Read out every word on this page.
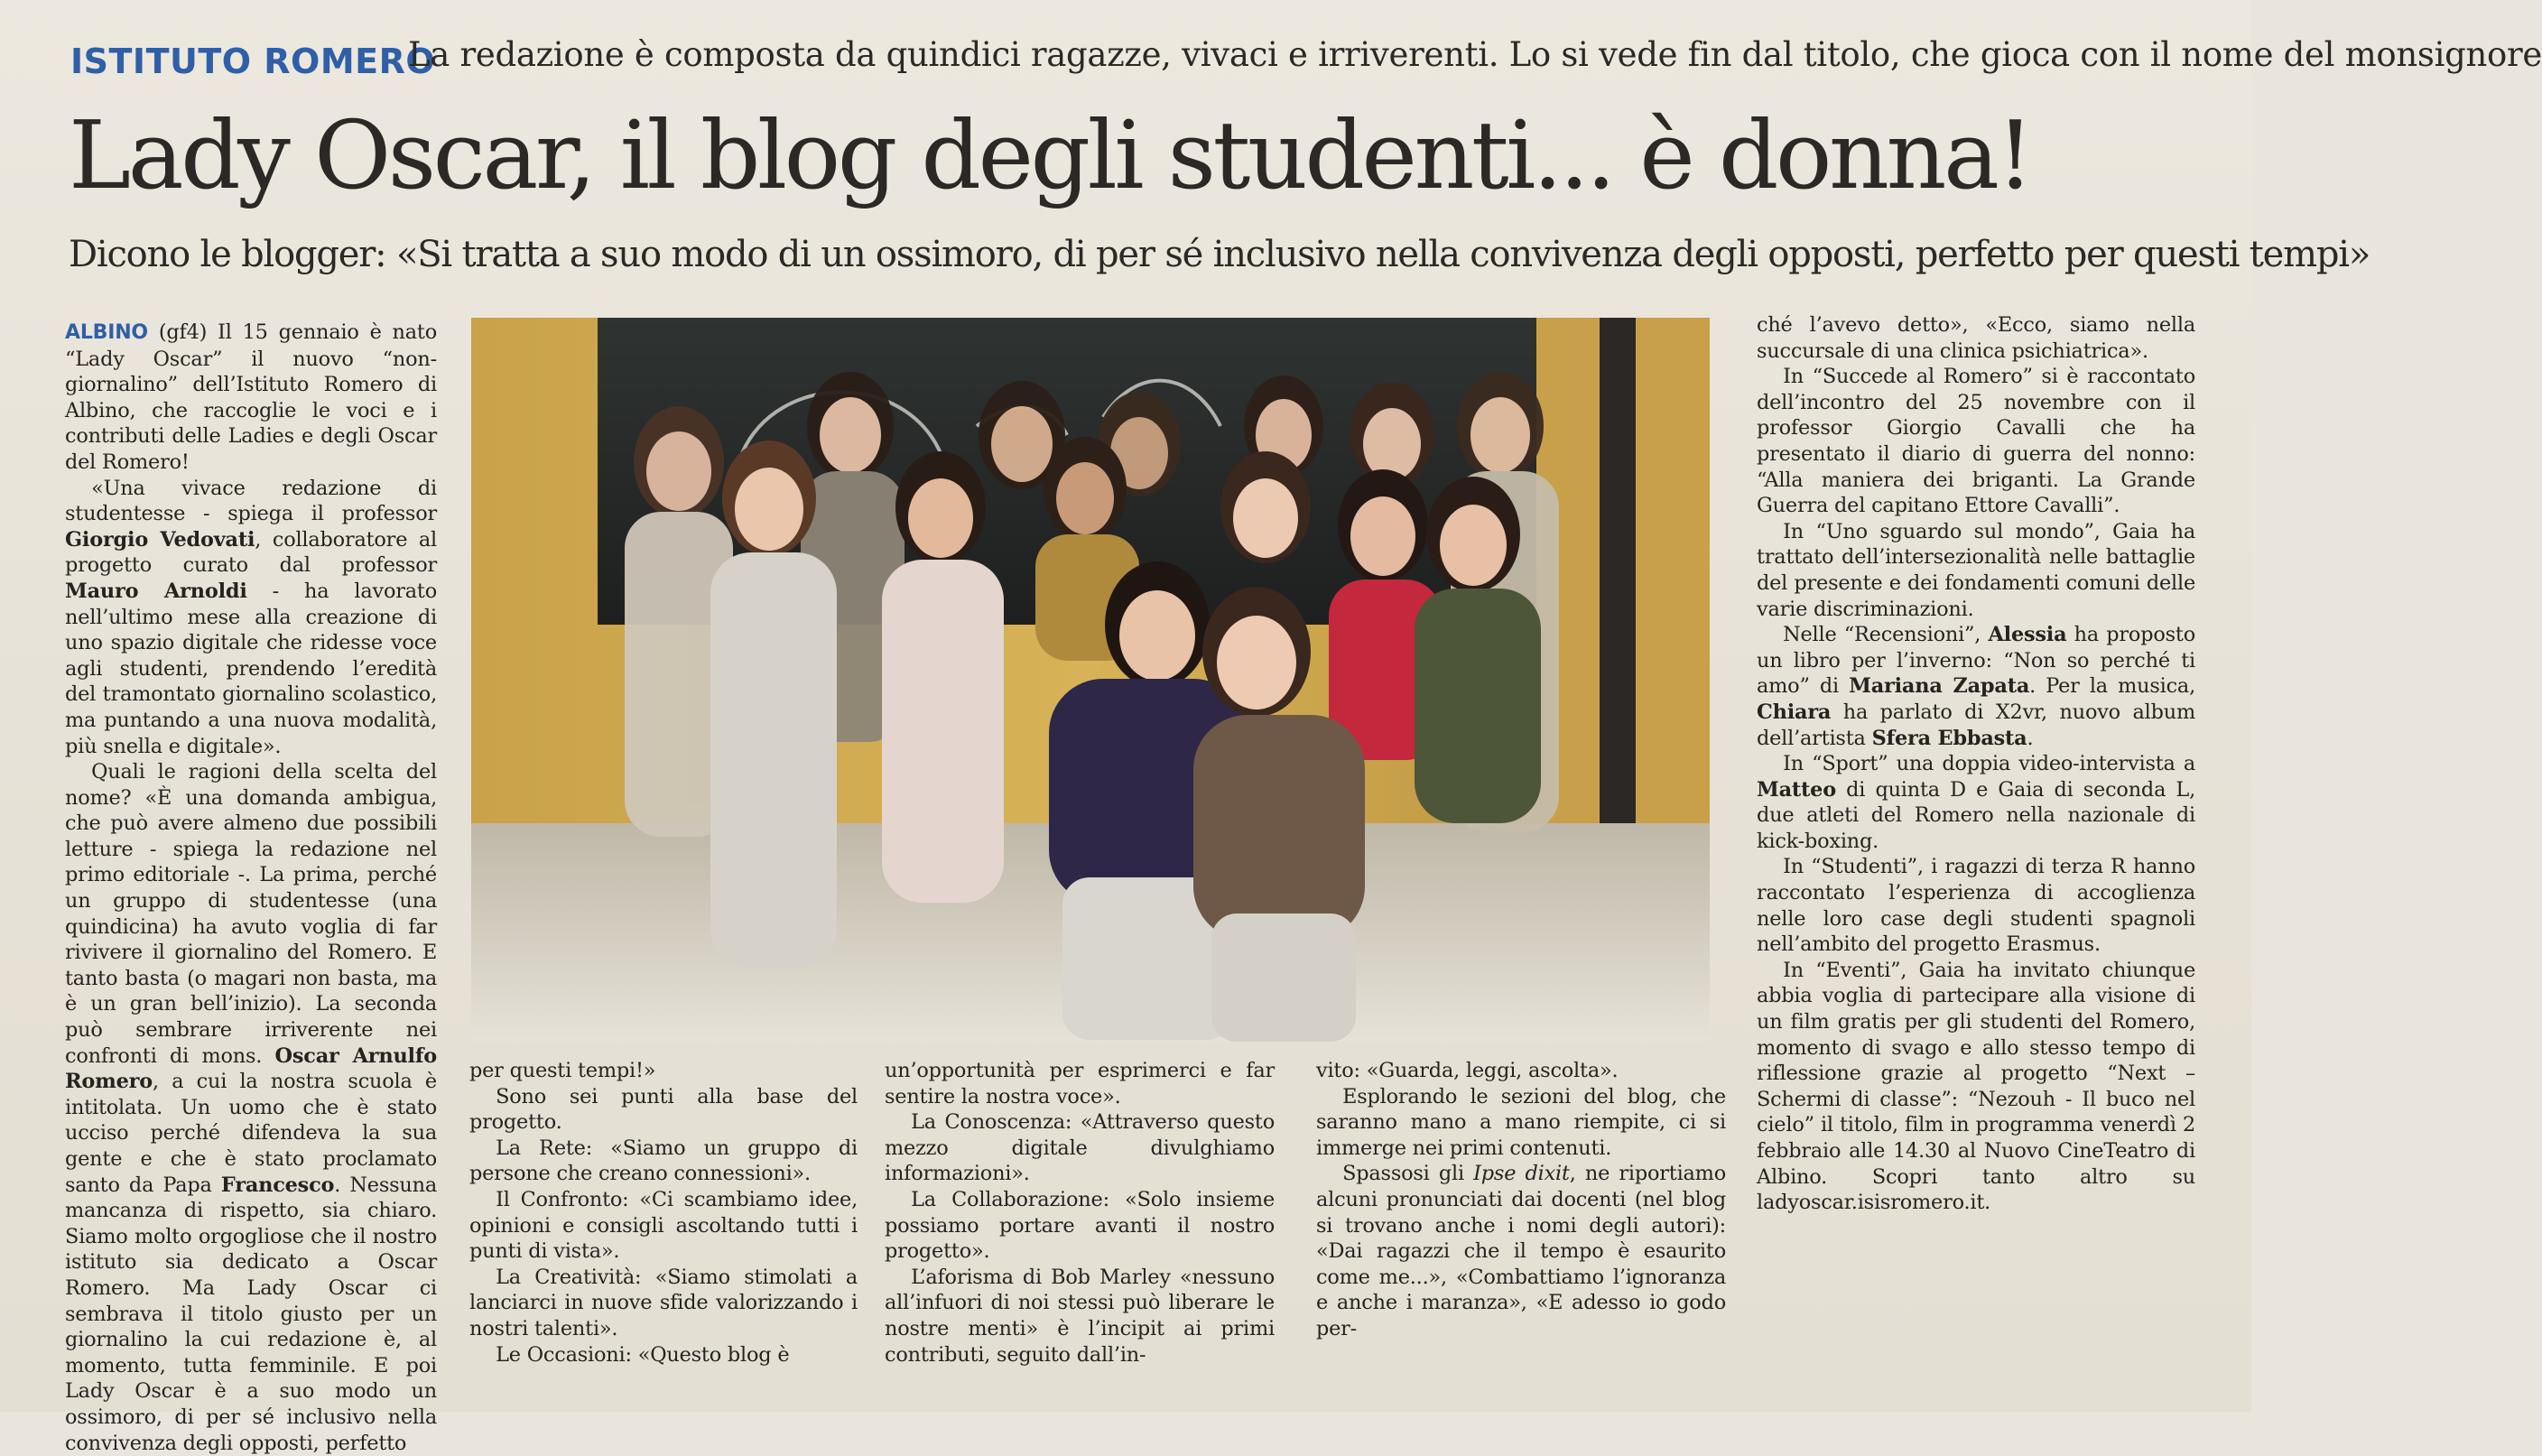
ISTITUTO ROMERO
La redazione è composta da quindici ragazze, vivaci e irriverenti. Lo si vede fin dal titolo, che gioca con il nome del monsignore
Lady Oscar, il blog degli studenti... è donna!
Dicono le blogger: «Si tratta a suo modo di un ossimoro, di per sé inclusivo nella convivenza degli opposti, perfetto per questi tempi»

ALBINO (gf4) Il 15 gennaio è nato “Lady Oscar” il nuovo “non-giornalino” dell’Istituto Romero di Albino, che raccoglie le voci e i contributi delle Ladies e degli Oscar del Romero!

«Una vivace redazione di studentesse - spiega il professor Giorgio Vedovati, collaboratore al progetto curato dal professor Mauro Arnoldi - ha lavorato nell’ultimo mese alla creazione di uno spazio digitale che ridesse voce agli studenti, prendendo l’eredità del tramontato giornalino scolastico, ma puntando a una nuova modalità, più snella e digitale».

Quali le ragioni della scelta del nome? «È una domanda ambigua, che può avere almeno due possibili letture - spiega la redazione nel primo editoriale -. La prima, perché un gruppo di studentesse (una quindicina) ha avuto voglia di far rivivere il giornalino del Romero. E tanto basta (o magari non basta, ma è un gran bell’inizio). La seconda può sembrare irriverente nei confronti di mons. Oscar Arnulfo Romero, a cui la nostra scuola è intitolata. Un uomo che è stato ucciso perché difendeva la sua gente e che è stato proclamato santo da Papa Francesco. Nessuna mancanza di rispetto, sia chiaro. Siamo molto orgogliose che il nostro istituto sia dedicato a Oscar Romero. Ma Lady Oscar ci sembrava il titolo giusto per un giornalino la cui redazione è, al momento, tutta femminile. E poi Lady Oscar è a suo modo un ossimoro, di per sé inclusivo nella convivenza degli opposti, perfetto

per questi tempi!»

Sono sei punti alla base del progetto.

La Rete: «Siamo un gruppo di persone che creano connessioni».

Il Confronto: «Ci scambiamo idee, opinioni e consigli ascoltando tutti i punti di vista».

La Creatività: «Siamo stimolati a lanciarci in nuove sfide valorizzando i nostri talenti».

Le Occasioni: «Questo blog è

un’opportunità per esprimerci e far sentire la nostra voce».

La Conoscenza: «Attraverso questo mezzo digitale divulghiamo informazioni».

La Collaborazione: «Solo insieme possiamo portare avanti il nostro progetto».

L’aforisma di Bob Marley «nessuno all’infuori di noi stessi può liberare le nostre menti» è l’incipit ai primi contributi, seguito dall’in-

vito: «Guarda, leggi, ascolta».

Esplorando le sezioni del blog, che saranno mano a mano riempite, ci si immerge nei primi contenuti.

Spassosi gli Ipse dixit, ne riportiamo alcuni pronunciati dai docenti (nel blog si trovano anche i nomi degli autori): «Dai ragazzi che il tempo è esaurito come me...», «Combattiamo l’ignoranza e anche i maranza», «E adesso io godo per-

ché l’avevo detto», «Ecco, siamo nella succursale di una clinica psichiatrica».

In “Succede al Romero” si è raccontato dell’incontro del 25 novembre con il professor Giorgio Cavalli che ha presentato il diario di guerra del nonno: “Alla maniera dei briganti. La Grande Guerra del capitano Ettore Cavalli”.

In “Uno sguardo sul mondo”, Gaia ha trattato dell’intersezionalità nelle battaglie del presente e dei fondamenti comuni delle varie discriminazioni.

Nelle “Recensioni”, Alessia ha proposto un libro per l’inverno: “Non so perché ti amo” di Mariana Zapata. Per la musica, Chiara ha parlato di X2vr, nuovo album dell’artista Sfera Ebbasta.

In “Sport” una doppia video-intervista a Matteo di quinta D e Gaia di seconda L, due atleti del Romero nella nazionale di kick-boxing.

In “Studenti”, i ragazzi di terza R hanno raccontato l’esperienza di accoglienza nelle loro case degli studenti spagnoli nell’ambito del progetto Erasmus.

In “Eventi”, Gaia ha invitato chiunque abbia voglia di partecipare alla visione di un film gratis per gli studenti del Romero, momento di svago e allo stesso tempo di riflessione grazie al progetto “Next – Schermi di classe”: “Nezouh - Il buco nel cielo” il titolo, film in programma venerdì 2 febbraio alle 14.30 al Nuovo CineTeatro di Albino. Scopri tanto altro su ladyoscar.isisromero.it.
